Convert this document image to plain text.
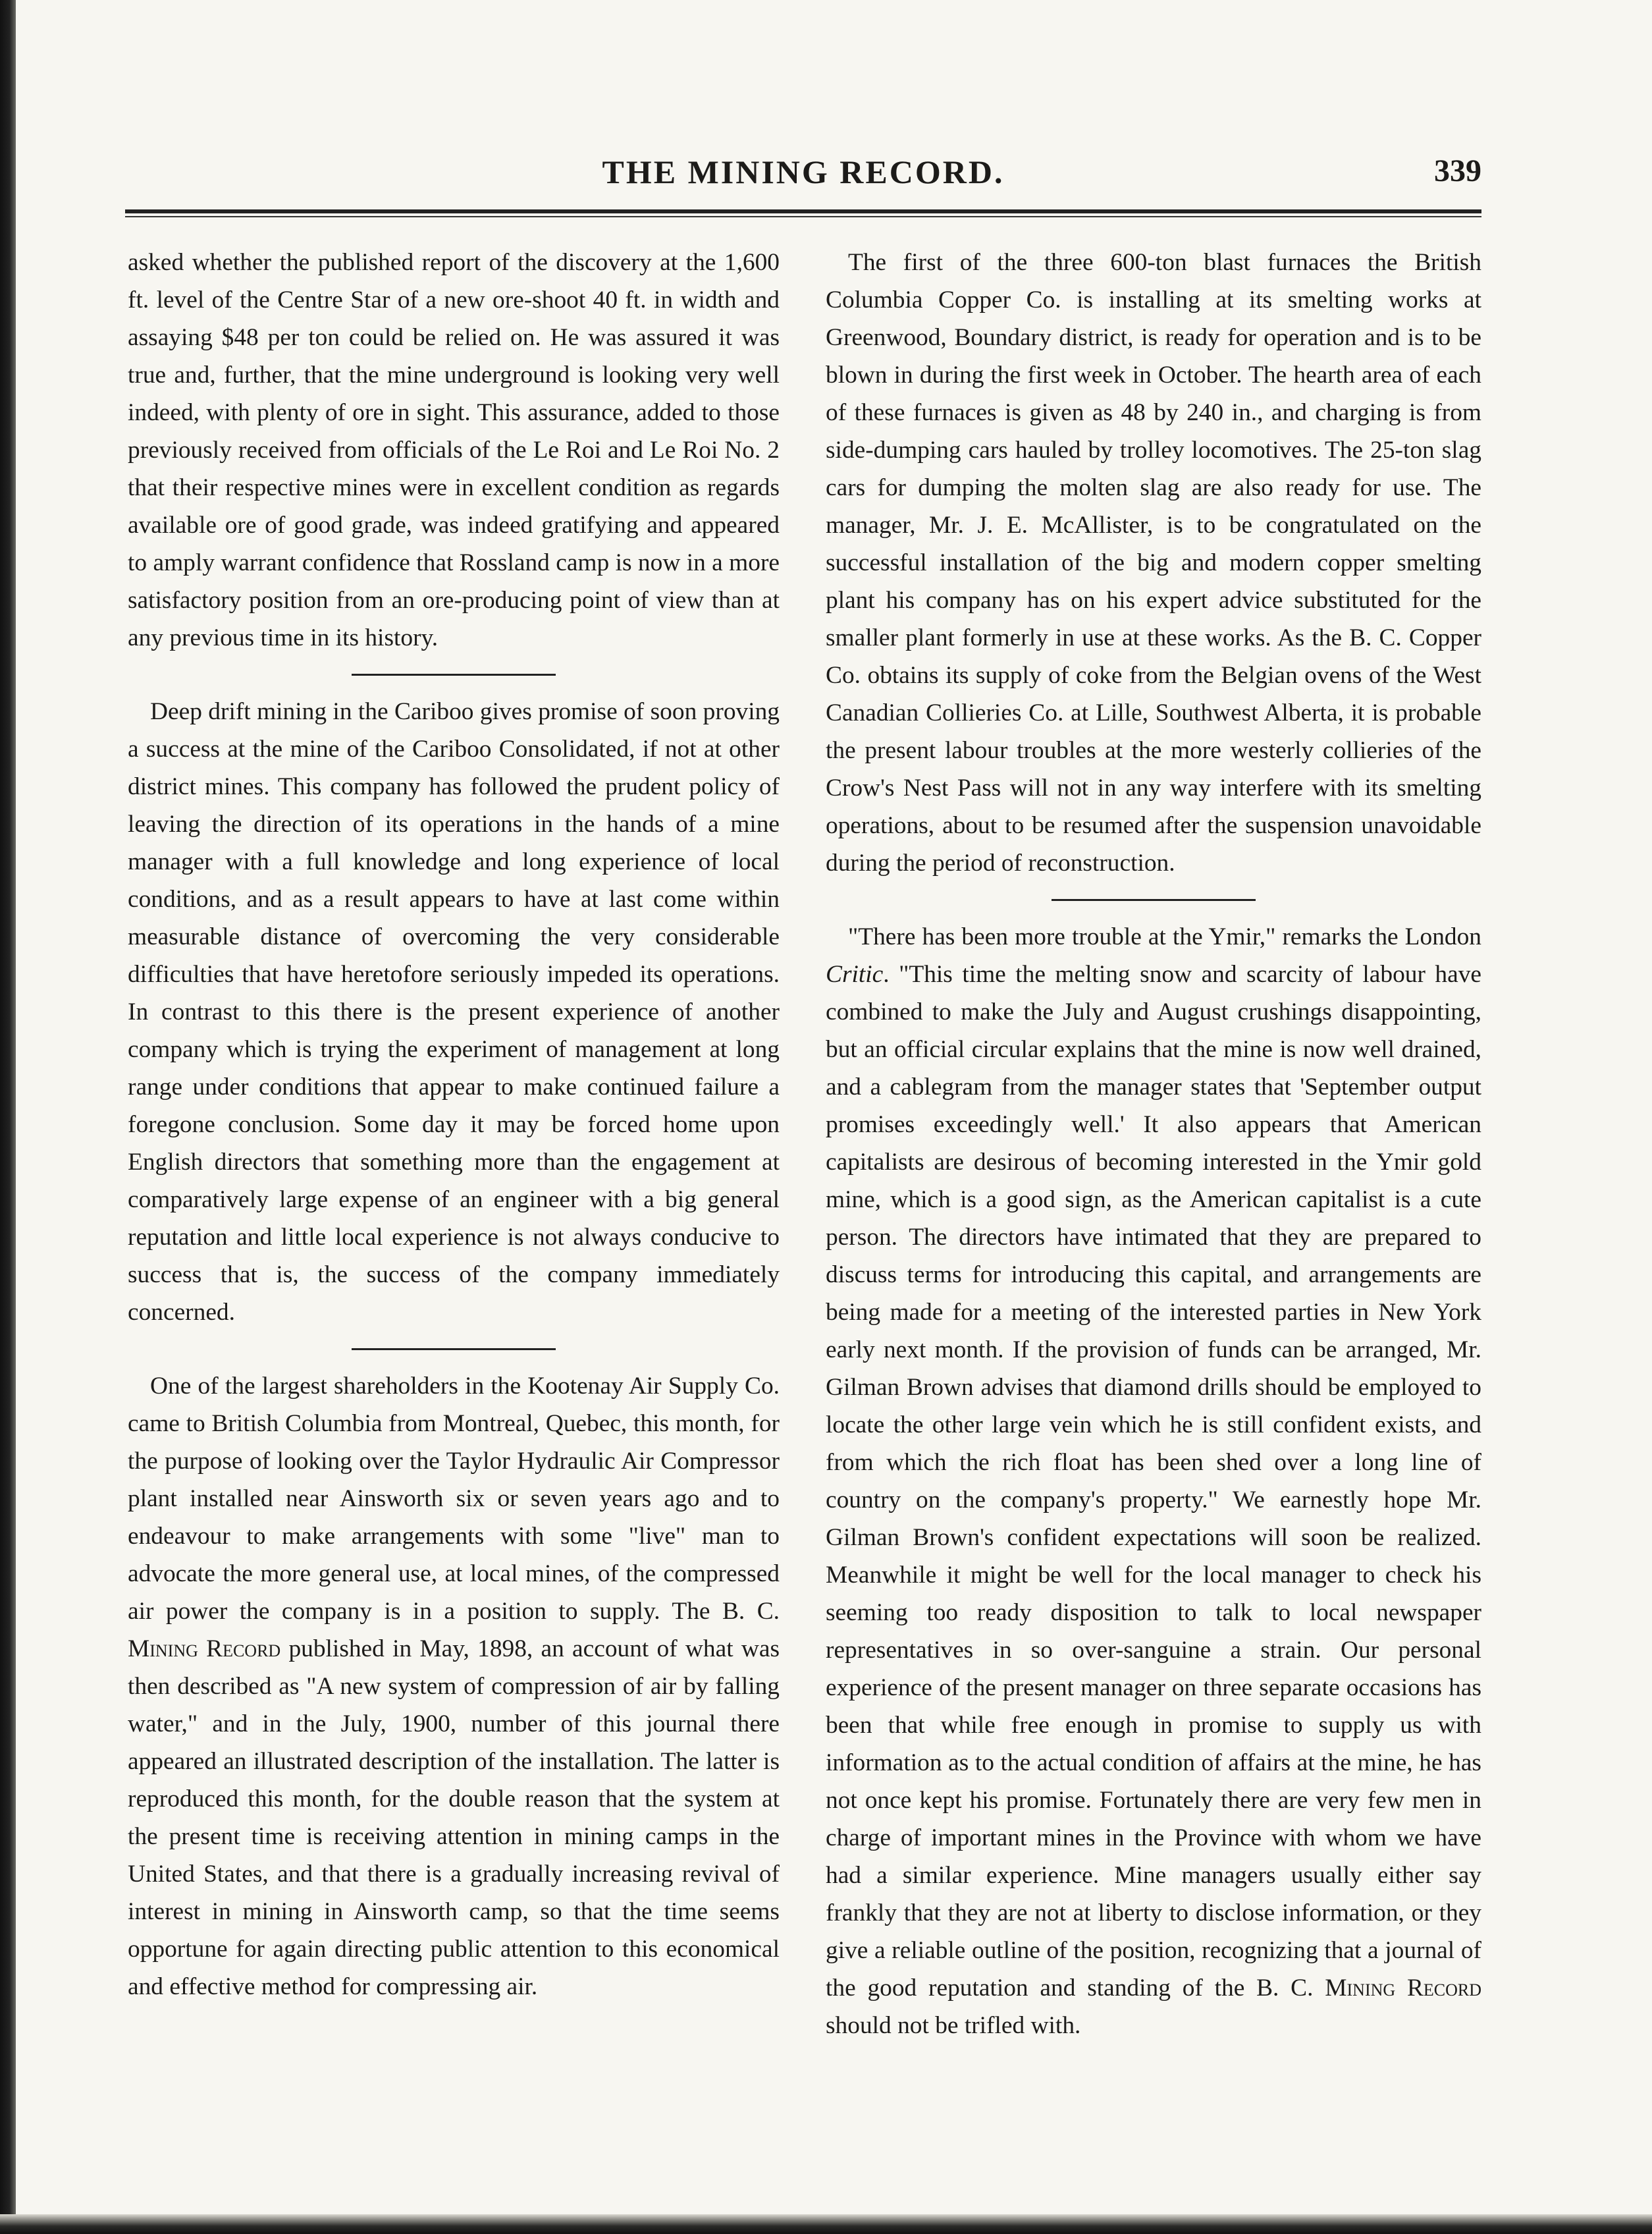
THE MINING RECORD.	339

asked whether the published report of the discovery at the 1,600 ft. level of the Centre Star of a new ore-shoot 40 ft. in width and assaying $48 per ton could be relied on. He was assured it was true and, further, that the mine underground is looking very well indeed, with plenty of ore in sight. This assurance, added to those previously received from officials of the Le Roi and Le Roi No. 2 that their respective mines were in excellent condition as regards available ore of good grade, was indeed gratifying and appeared to amply warrant confidence that Rossland camp is now in a more satisfactory position from an ore-producing point of view than at any previous time in its history.

Deep drift mining in the Cariboo gives promise of soon proving a success at the mine of the Cariboo Consolidated, if not at other district mines. This company has followed the prudent policy of leaving the direction of its operations in the hands of a mine manager with a full knowledge and long experience of local conditions, and as a result appears to have at last come within measurable distance of overcoming the very considerable difficulties that have heretofore seriously impeded its operations. In contrast to this there is the present experience of another company which is trying the experiment of management at long range under conditions that appear to make continued failure a foregone conclusion. Some day it may be forced home upon English directors that something more than the engagement at comparatively large expense of an engineer with a big general reputation and little local experience is not always conducive to success that is, the success of the company immediately concerned.

One of the largest shareholders in the Kootenay Air Supply Co. came to British Columbia from Montreal, Quebec, this month, for the purpose of looking over the Taylor Hydraulic Air Compressor plant installed near Ainsworth six or seven years ago and to endeavour to make arrangements with some "live" man to advocate the more general use, at local mines, of the compressed air power the company is in a position to supply. The B. C. Mining Record published in May, 1898, an account of what was then described as "A new system of compression of air by falling water," and in the July, 1900, number of this journal there appeared an illustrated description of the installation. The latter is reproduced this month, for the double reason that the system at the present time is receiving attention in mining camps in the United States, and that there is a gradually increasing revival of interest in mining in Ainsworth camp, so that the time seems opportune for again directing public attention to this economical and effective method for compressing air.

The first of the three 600-ton blast furnaces the British Columbia Copper Co. is installing at its smelting works at Greenwood, Boundary district, is ready for operation and is to be blown in during the first week in October. The hearth area of each of these furnaces is given as 48 by 240 in., and charging is from side-dumping cars hauled by trolley locomotives. The 25-ton slag cars for dumping the molten slag are also ready for use. The manager, Mr. J. E. McAllister, is to be congratulated on the successful installation of the big and modern copper smelting plant his company has on his expert advice substituted for the smaller plant formerly in use at these works. As the B. C. Copper Co. obtains its supply of coke from the Belgian ovens of the West Canadian Collieries Co. at Lille, Southwest Alberta, it is probable the present labour troubles at the more westerly collieries of the Crow's Nest Pass will not in any way interfere with its smelting operations, about to be resumed after the suspension unavoidable during the period of reconstruction.

"There has been more trouble at the Ymir," remarks the London Critic. "This time the melting snow and scarcity of labour have combined to make the July and August crushings disappointing, but an official circular explains that the mine is now well drained, and a cablegram from the manager states that 'September output promises exceedingly well.' It also appears that American capitalists are desirous of becoming interested in the Ymir gold mine, which is a good sign, as the American capitalist is a cute person. The directors have intimated that they are prepared to discuss terms for introducing this capital, and arrangements are being made for a meeting of the interested parties in New York early next month. If the provision of funds can be arranged, Mr. Gilman Brown advises that diamond drills should be employed to locate the other large vein which he is still confident exists, and from which the rich float has been shed over a long line of country on the company's property." We earnestly hope Mr. Gilman Brown's confident expectations will soon be realized. Meanwhile it might be well for the local manager to check his seeming too ready disposition to talk to local newspaper representatives in so over-sanguine a strain. Our personal experience of the present manager on three separate occasions has been that while free enough in promise to supply us with information as to the actual condition of affairs at the mine, he has not once kept his promise. Fortunately there are very few men in charge of important mines in the Province with whom we have had a similar experience. Mine managers usually either say frankly that they are not at liberty to disclose information, or they give a reliable outline of the position, recognizing that a journal of the good reputation and standing of the B. C. Mining Record should not be trifled with.
